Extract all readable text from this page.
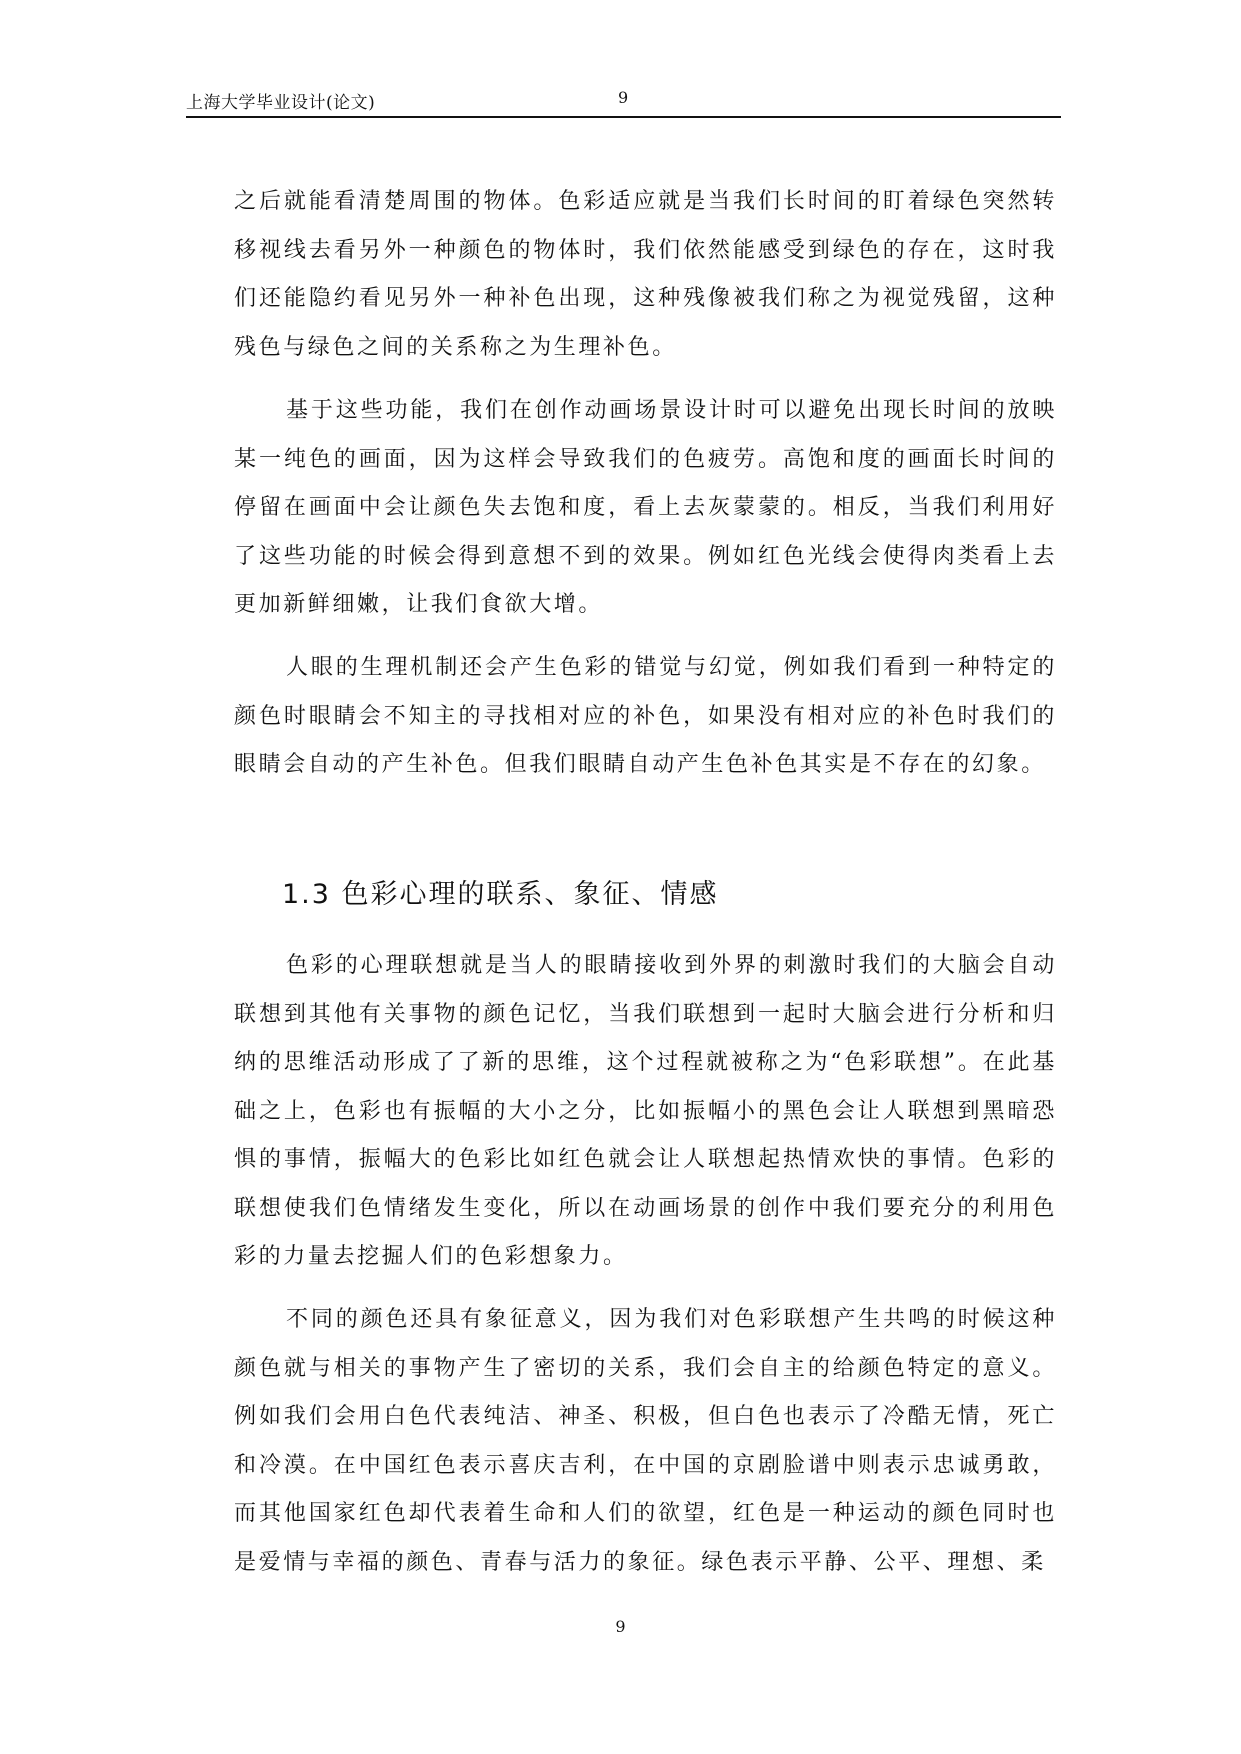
上海大学毕业设计(论文)	9

之后就能看清楚周围的物体。色彩适应就是当我们长时间的盯着绿色突然转移视线去看另外一种颜色的物体时，我们依然能感受到绿色的存在，这时我们还能隐约看见另外一种补色出现，这种残像被我们称之为视觉残留，这种残色与绿色之间的关系称之为生理补色。

基于这些功能，我们在创作动画场景设计时可以避免出现长时间的放映某一纯色的画面，因为这样会导致我们的色疲劳。高饱和度的画面长时间的停留在画面中会让颜色失去饱和度，看上去灰蒙蒙的。相反，当我们利用好了这些功能的时候会得到意想不到的效果。例如红色光线会使得肉类看上去更加新鲜细嫩，让我们食欲大增。

人眼的生理机制还会产生色彩的错觉与幻觉，例如我们看到一种特定的颜色时眼睛会不知主的寻找相对应的补色，如果没有相对应的补色时我们的眼睛会自动的产生补色。但我们眼睛自动产生色补色其实是不存在的幻象。

1.3 色彩心理的联系、象征、情感

色彩的心理联想就是当人的眼睛接收到外界的刺激时我们的大脑会自动联想到其他有关事物的颜色记忆，当我们联想到一起时大脑会进行分析和归纳的思维活动形成了了新的思维，这个过程就被称之为“色彩联想”。在此基础之上，色彩也有振幅的大小之分，比如振幅小的黑色会让人联想到黑暗恐惧的事情，振幅大的色彩比如红色就会让人联想起热情欢快的事情。色彩的联想使我们色情绪发生变化，所以在动画场景的创作中我们要充分的利用色彩的力量去挖掘人们的色彩想象力。

不同的颜色还具有象征意义，因为我们对色彩联想产生共鸣的时候这种颜色就与相关的事物产生了密切的关系，我们会自主的给颜色特定的意义。例如我们会用白色代表纯洁、神圣、积极，但白色也表示了冷酷无情，死亡和冷漠。在中国红色表示喜庆吉利，在中国的京剧脸谱中则表示忠诚勇敢，而其他国家红色却代表着生命和人们的欲望，红色是一种运动的颜色同时也是爱情与幸福的颜色、青春与活力的象征。绿色表示平静、公平、理想、柔

9
